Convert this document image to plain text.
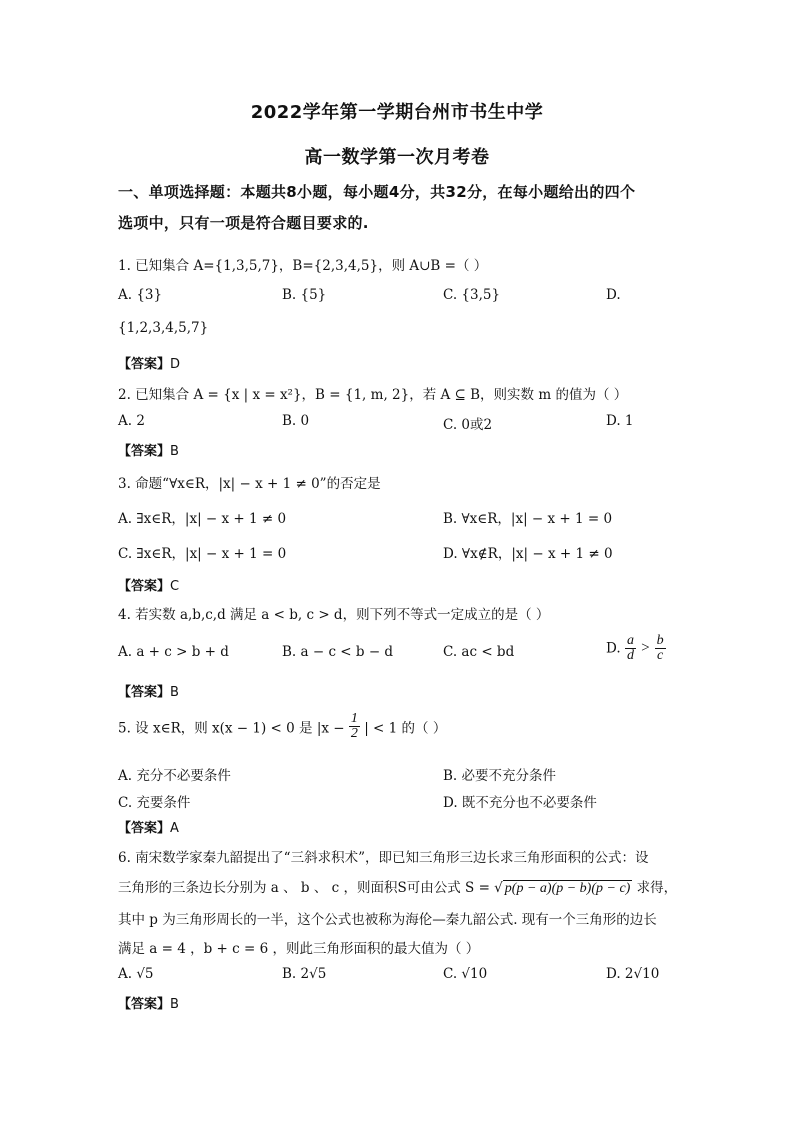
2022学年第一学期台州市书生中学
高一数学第一次月考卷
一、单项选择题：本题共8小题，每小题4分，共32分，在每小题给出的四个
选项中，只有一项是符合题目要求的.
1. 已知集合 A={1,3,5,7}，B={2,3,4,5}，则 A∪B =（ ）
A. {3}	B. {5}	C. {3,5}	D.
{1,2,3,4,5,7}
【答案】D
2. 已知集合 A = {x | x = x²}，B = {1, m, 2}，若 A ⊆ B，则实数 m 的值为（ ）
A. 2	B. 0	C. 0或2	D. 1
【答案】B
3. 命题“∀x∈R，|x| − x + 1 ≠ 0”的否定是
A. ∃x∈R，|x| − x + 1 ≠ 0	B. ∀x∈R，|x| − x + 1 = 0
C. ∃x∈R，|x| − x + 1 = 0	D. ∀x∉R，|x| − x + 1 ≠ 0
【答案】C
4. 若实数 a,b,c,d 满足 a < b, c > d，则下列不等式一定成立的是（ ）
A. a + c > b + d	B. a − c < b − d	C. ac < bd	D. $\frac{a}{d} > \frac{b}{c}$
【答案】B
5. 设 x∈R，则 x(x − 1) < 0 是 $|x - \frac{1}{2}$ | < 1 的（ ）
A. 充分不必要条件	B. 必要不充分条件
C. 充要条件	D. 既不充分也不必要条件
【答案】A
6. 南宋数学家秦九韶提出了“三斜求积术”，即已知三角形三边长求三角形面积的公式：设
三角形的三条边长分别为 a 、 b 、 c ，则面积S可由公式 S = √ p(p − a)(p − b)(p − c) 求得，
其中 p 为三角形周长的一半，这个公式也被称为海伦—秦九韶公式. 现有一个三角形的边长
满足 a = 4 ，b + c = 6 ，则此三角形面积的最大值为（ ）
A. √5	B. 2√5	C. √10	D. 2√10
【答案】B
